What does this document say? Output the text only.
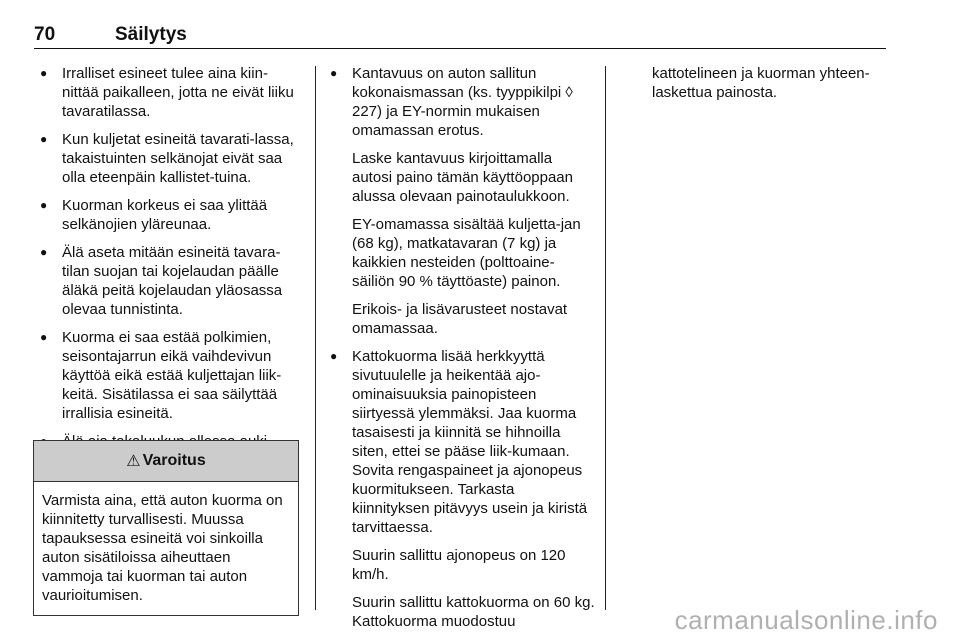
70	Säilytys
● Irralliset esineet tulee aina kiin-nittää paikalleen, jotta ne eivät liiku tavaratilassa.
● Kun kuljetat esineitä tavarati-lassa, takaistuinten selkänojat eivät saa olla eteenpäin kallistet-tuina.
● Kuorman korkeus ei saa ylittää selkänojien yläreunaa.
● Älä aseta mitään esineitä tavara-tilan suojan tai kojelaudan päälle äläkä peitä kojelaudan yläosassa olevaa tunnistinta.
● Kuorma ei saa estää polkimien, seisontajarrun eikä vaihdevivun käyttöä eikä estää kuljettajan liik-keitä. Sisätilassa ei saa säilyttää irrallisia esineitä.
●
⚠ Varoitus
Varmista aina, että auton kuorma on kiinnitetty turvallisesti. Muussa tapauksessa esineitä voi sinkoilla auton sisätiloissa aiheuttaen vammoja tai kuorman tai auton vaurioitumisen.
● Kantavuus on auton sallitun kokonaismassan (ks. tyyppikilpi ◊ 227) ja EY-normin mukaisen omamassan erotus.
Laske kantavuus kirjoittamalla autosi paino tämän käyttöoppaan alussa olevaan painotaulukkoon.
EY-omamassa sisältää kuljetta-jan (68 kg), matkatavaran (7 kg) ja kaikkien nesteiden (polttoaine-säiliön 90 % täyttöaste) painon.
Erikois- ja lisävarusteet nostavat omamassaa.
● Kattokuorma lisää herkkyyttä sivutuulelle ja heikentää ajo-ominaisuuksia painopisteen siirtyessä ylemmäksi. Jaa kuorma tasaisesti ja kiinnitä se hihnoilla siten, ettei se pääse liik-kumaan. Sovita rengaspaineet ja ajonopeus kuormitukseen. Tarkasta kiinnityksen pitävyys usein ja kiristä tarvittaessa.
Suurin sallittu ajonopeus on 120 km/h.
Suurin sallittu kattokuorma on 60 kg. Kattokuorma muodostuu
kattotelineen ja kuorman yhteen-laskettua painosta.
carmanualsonline.info
